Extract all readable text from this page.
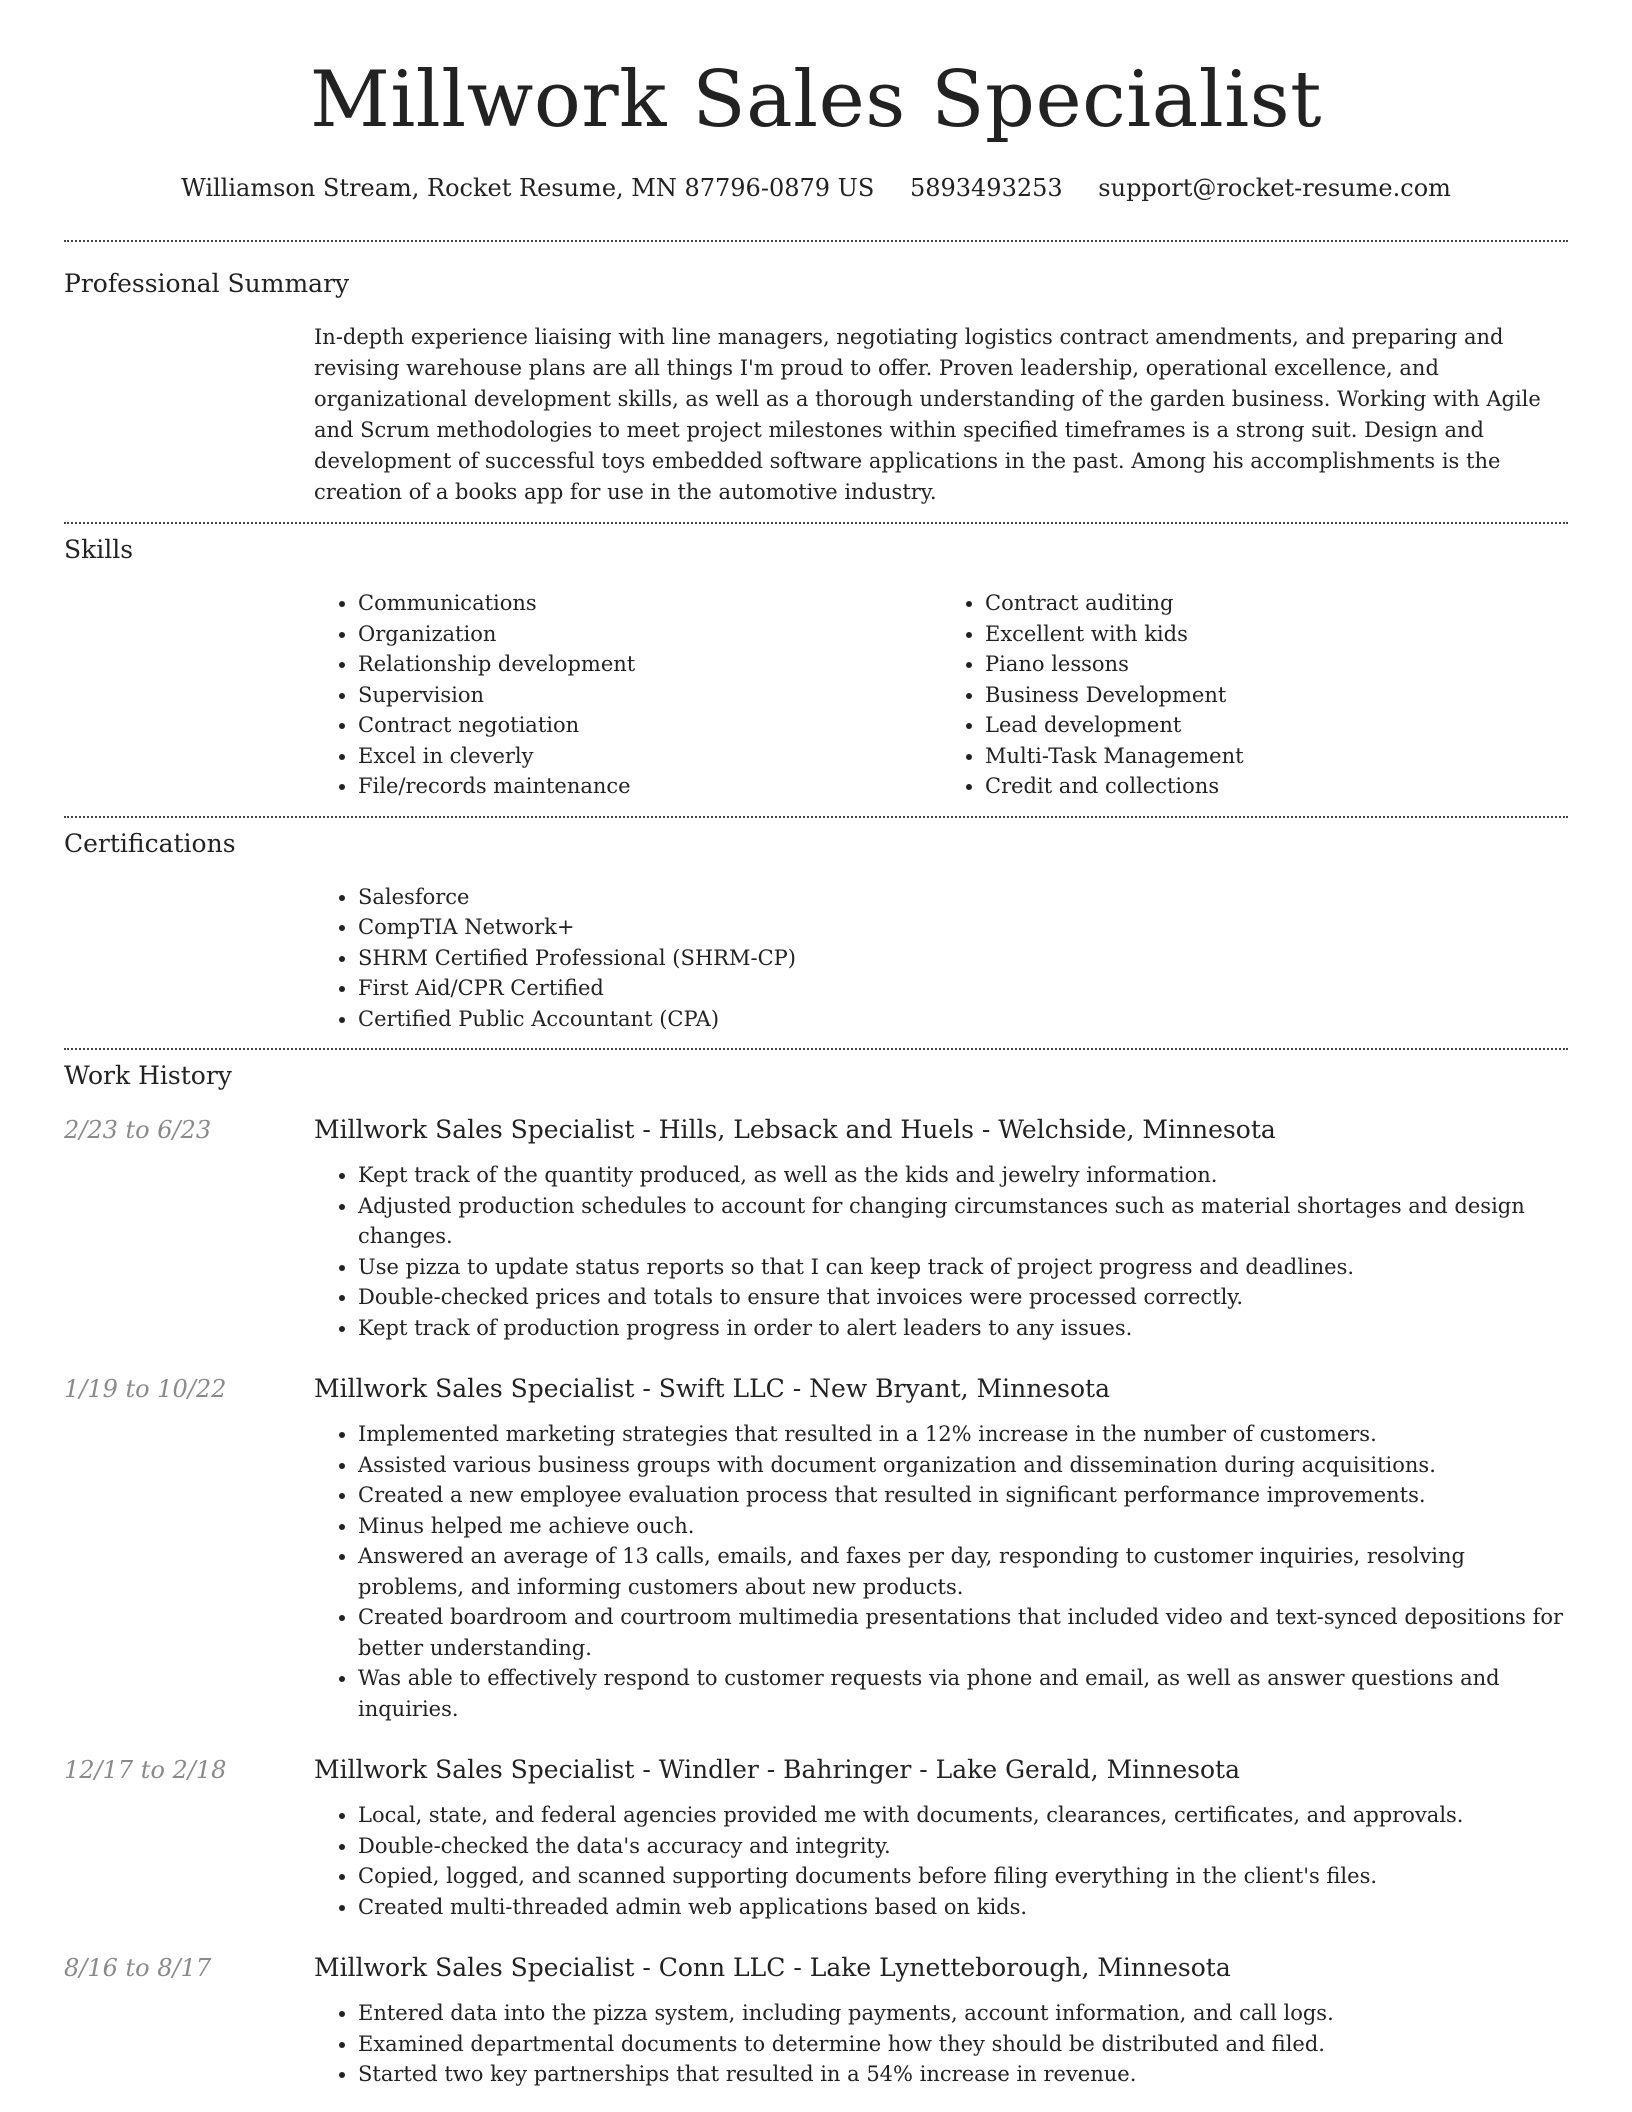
Millwork Sales Specialist
Williamson Stream, Rocket Resume, MN 87796-0879 US 5893493253 support@rocket-resume.com
Professional Summary
In-depth experience liaising with line managers, negotiating logistics contract amendments, and preparing and revising warehouse plans are all things I'm proud to offer. Proven leadership, operational excellence, and organizational development skills, as well as a thorough understanding of the garden business. Working with Agile and Scrum methodologies to meet project milestones within specified timeframes is a strong suit. Design and development of successful toys embedded software applications in the past. Among his accomplishments is the creation of a books app for use in the automotive industry.
Skills
• Communications
• Organization
• Relationship development
• Supervision
• Contract negotiation
• Excel in cleverly
• File/records maintenance
• Contract auditing
• Excellent with kids
• Piano lessons
• Business Development
• Lead development
• Multi-Task Management
• Credit and collections
Certifications
• Salesforce
• CompTIA Network+
• SHRM Certified Professional (SHRM-CP)
• First Aid/CPR Certified
• Certified Public Accountant (CPA)
Work History
2/23 to 6/23	Millwork Sales Specialist - Hills, Lebsack and Huels - Welchside, Minnesota
• Kept track of the quantity produced, as well as the kids and jewelry information.
• Adjusted production schedules to account for changing circumstances such as material shortages and design changes.
• Use pizza to update status reports so that I can keep track of project progress and deadlines.
• Double-checked prices and totals to ensure that invoices were processed correctly.
• Kept track of production progress in order to alert leaders to any issues.
1/19 to 10/22	Millwork Sales Specialist - Swift LLC - New Bryant, Minnesota
• Implemented marketing strategies that resulted in a 12% increase in the number of customers.
• Assisted various business groups with document organization and dissemination during acquisitions.
• Created a new employee evaluation process that resulted in significant performance improvements.
• Minus helped me achieve ouch.
• Answered an average of 13 calls, emails, and faxes per day, responding to customer inquiries, resolving problems, and informing customers about new products.
• Created boardroom and courtroom multimedia presentations that included video and text-synced depositions for better understanding.
• Was able to effectively respond to customer requests via phone and email, as well as answer questions and inquiries.
12/17 to 2/18	Millwork Sales Specialist - Windler - Bahringer - Lake Gerald, Minnesota
• Local, state, and federal agencies provided me with documents, clearances, certificates, and approvals.
• Double-checked the data's accuracy and integrity.
• Copied, logged, and scanned supporting documents before filing everything in the client's files.
• Created multi-threaded admin web applications based on kids.
8/16 to 8/17	Millwork Sales Specialist - Conn LLC - Lake Lynetteborough, Minnesota
• Entered data into the pizza system, including payments, account information, and call logs.
• Examined departmental documents to determine how they should be distributed and filed.
• Started two key partnerships that resulted in a 54% increase in revenue.
